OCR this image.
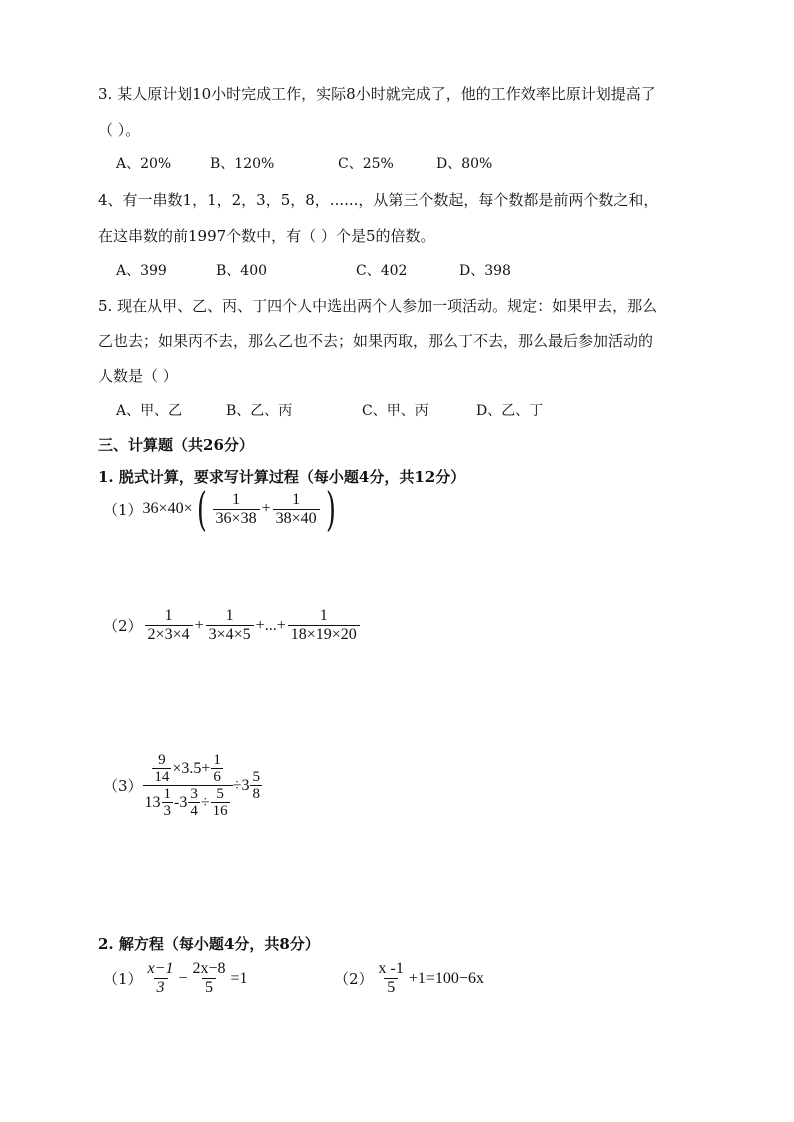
3. 某人原计划10小时完成工作，实际8小时就完成了，他的工作效率比原计划提高了
（ ）。
A、20%	B、120%	C、25%	D、80%
4、有一串数1，1，2，3，5，8，......，从第三个数起，每个数都是前两个数之和，
在这串数的前1997个数中，有（ ）个是5的倍数。
A、399	B、400	C、402	D、398
5. 现在从甲、乙、丙、丁四个人中选出两个人参加一项活动。规定：如果甲去，那么
乙也去；如果丙不去，那么乙也不去；如果丙取，那么丁不去，那么最后参加活动的
人数是（ ）
A、甲、乙	B、乙、丙	C、甲、丙	D、乙、丁
三、计算题（共26分）
1. 脱式计算，要求写计算过程（每小题4分，共12分）
（1） 36×40× ( $\frac{1}{36\times 38} + \frac{1}{38\times 40}$ )
$(2) \frac{1}{2\times 3\times 4} + \frac{1}{3\times 4\times 5}$ +...+ $\frac{1}{18\times 19\times 20}$
（3）
$\frac{9}{14} \times 3.5+ \frac{1}{6}$
$13 \frac{1}{3} -3 \frac{3}{4} \div \frac{5}{16}$
$\div 3 \frac{5}{8}$
2. 解方程（每小题4分，共8分）
$(1) \frac{x-1}{3} - \frac{2x-8}{5} =1$	$(2) \frac{x -1}{5} +1=100-6x$
